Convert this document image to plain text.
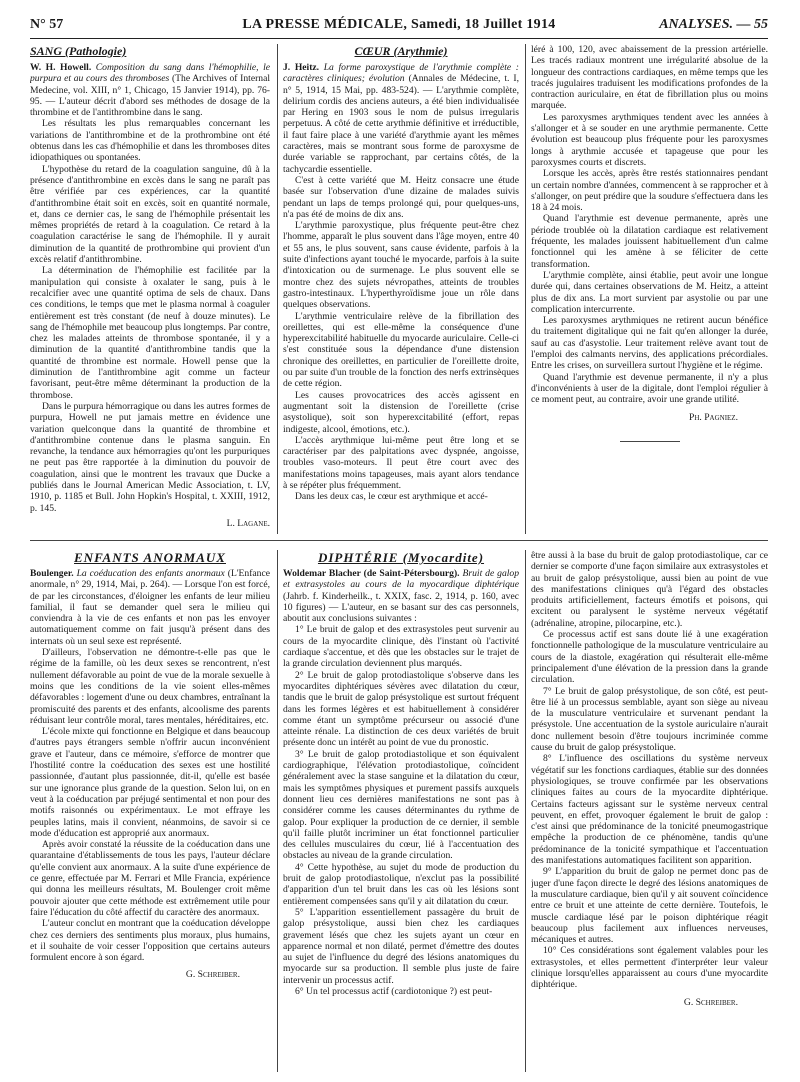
N° 57	LA PRESSE MÉDICALE, Samedi, 18 Juillet 1914	ANALYSES. — 55
SANG (Pathologie)

W. H. Howell. Composition du sang dans l'hémophilie, le purpura et au cours des thromboses (The Archives of Internal Medecine, vol. XIII, n° 1, Chicago, 15 Janvier 1914), pp. 76-95. — L'auteur décrit d'abord ses méthodes de dosage de la thrombine et de l'antithrombine dans le sang.

Les résultats les plus remarquables concernant les variations de l'antithrombine et de la prothrombine ont été obtenus dans les cas d'hémophilie et dans les thromboses dites idiopathiques ou spontanées.

L'hypothèse du retard de la coagulation sanguine, dû à la présence d'antithrombine en excès dans le sang ne paraît pas être vérifiée par ces expériences, car la quantité d'antithrombine était soit en excès, soit en quantité normale, et, dans ce dernier cas, le sang de l'hémophile présentait les mêmes propriétés de retard à la coagulation. Ce retard à la coagulation caractérise le sang de l'hémophile. Il y aurait diminution de la quantité de prothrombine qui provient d'un excès relatif d'antithrombine.

La détermination de l'hémophilie est facilitée par la manipulation qui consiste à oxalater le sang, puis à le recalcifier avec une quantité optima de sels de chaux. Dans ces conditions, le temps que met le plasma normal à coaguler entièrement est très constant (de neuf à douze minutes). Le sang de l'hémophile met beaucoup plus longtemps. Par contre, chez les malades atteints de thrombose spontanée, il y a diminution de la quantité d'antithrombine tandis que la quantité de thrombine est normale. Howell pense que la diminution de l'antithrombine agit comme un facteur favorisant, peut-être même déterminant la production de la thrombose.

Dans le purpura hémorragique ou dans les autres formes de purpura, Howell ne put jamais mettre en évidence une variation quelconque dans la quantité de thrombine et d'antithrombine contenue dans le plasma sanguin. En revanche, la tendance aux hémorragies qu'ont les purpuriques ne peut pas être rapportée à la diminution du pouvoir de coagulation, ainsi que le montrent les travaux que Ducke a publiés dans le Journal American Medic Association, t. LV, 1910, p. 1185 et Bull. John Hopkin's Hospital, t. XXIII, 1912, p. 145.

L. Lagane.
CŒUR (Arythmie)

J. Heitz. La forme paroxystique de l'arythmie complète : caractères cliniques; évolution (Annales de Médecine, t. I, n° 5, 1914, 15 Mai, pp. 483-524). — L'arythmie complète, delirium cordis des anciens auteurs, a été bien individualisée par Hering en 1903 sous le nom de pulsus irregularis perpetuus. A côté de cette arythmie définitive et irréductible, il faut faire place à une variété d'arythmie ayant les mêmes caractères, mais se montrant sous forme de paroxysme de durée variable se rapprochant, par certains côtés, de la tachycardie essentielle.

C'est à cette variété que M. Heitz consacre une étude basée sur l'observation d'une dizaine de malades suivis pendant un laps de temps prolongé qui, pour quelques-uns, n'a pas été de moins de dix ans.

L'arythmie paroxystique, plus fréquente peut-être chez l'homme, apparaît le plus souvent dans l'âge moyen, entre 40 et 55 ans, le plus souvent, sans cause évidente, parfois à la suite d'infections ayant touché le myocarde, parfois à la suite d'intoxication ou de surmenage. Le plus souvent elle se montre chez des sujets névropathes, atteints de troubles gastro-intestinaux. L'hyperthyroïdisme joue un rôle dans quelques observations.

L'arythmie ventriculaire relève de la fibrillation des oreillettes, qui est elle-même la conséquence d'une hyperexcitabilité habituelle du myocarde auriculaire. Celle-ci s'est constituée sous la dépendance d'une distension chronique des oreillettes, en particulier de l'oreillette droite, ou par suite d'un trouble de la fonction des nerfs extrinsèques de cette région.

Les causes provocatrices des accès agissent en augmentant soit la distension de l'oreillette (crise asystolique), soit son hyperexcitabilité (effort, repas indigeste, alcool, émotions, etc.).

L'accès arythmique lui-même peut être long et se caractériser par des palpitations avec dyspnée, angoisse, troubles vaso-moteurs. Il peut être court avec des manifestations moins tapageuses, mais ayant alors tendance à se répéter plus fréquemment.

Dans les deux cas, le cœur est arythmique et accé-

léré à 100, 120, avec abaissement de la pression artérielle. Les tracés radiaux montrent une irrégularité absolue de la longueur des contractions cardiaques, en même temps que les tracés jugulaires traduisent les modifications profondes de la contraction auriculaire, en état de fibrillation plus ou moins marquée.

Les paroxysmes arythmiques tendent avec les années à s'allonger et à se souder en une arythmie permanente. Cette évolution est beaucoup plus fréquente pour les paroxysmes longs à arythmie accusée et tapageuse que pour les paroxysmes courts et discrets.

Lorsque les accès, après être restés stationnaires pendant un certain nombre d'années, commencent à se rapprocher et à s'allonger, on peut prédire que la soudure s'effectuera dans les 18 à 24 mois.

Quand l'arythmie est devenue permanente, après une période troublée où la dilatation cardiaque est relativement fréquente, les malades jouissent habituellement d'un calme fonctionnel qui les amène à se féliciter de cette transformation.

L'arythmie complète, ainsi établie, peut avoir une longue durée qui, dans certaines observations de M. Heitz, a atteint plus de dix ans. La mort survient par asystolie ou par une complication intercurrente.

Les paroxysmes arythmiques ne retirent aucun bénéfice du traitement digitalique qui ne fait qu'en allonger la durée, sauf au cas d'asystolie. Leur traitement relève avant tout de l'emploi des calmants nervins, des applications précordiales. Entre les crises, on surveillera surtout l'hygiène et le régime.

Quand l'arythmie est devenue permanente, il n'y a plus d'inconvénients à user de la digitale, dont l'emploi régulier à ce moment peut, au contraire, avoir une grande utilité.

Ph. Pagniez.
ENFANTS ANORMAUX

Boulenger. La coéducation des enfants anormaux (L'Enfance anormale, n° 29, 1914, Mai, p. 264). — Lorsque l'on est forcé, de par les circonstances, d'éloigner les enfants de leur milieu familial, il faut se demander quel sera le milieu qui conviendra à la vie de ces enfants et non pas les envoyer automatiquement comme on fait jusqu'à présent dans des internats où un seul sexe est représenté.

D'ailleurs, l'observation ne démontre-t-elle pas que le régime de la famille, où les deux sexes se rencontrent, n'est nullement défavorable au point de vue de la morale sexuelle à moins que les conditions de la vie soient elles-mêmes défavorables : logement d'une ou deux chambres, entraînant la promiscuité des parents et des enfants, alcoolisme des parents réduisant leur contrôle moral, tares mentales, héréditaires, etc.

L'école mixte qui fonctionne en Belgique et dans beaucoup d'autres pays étrangers semble n'offrir aucun inconvénient grave et l'auteur, dans ce mémoire, s'efforce de montrer que l'hostilité contre la coéducation des sexes est une hostilité passionnée, d'autant plus passionnée, dit-il, qu'elle est basée sur une ignorance plus grande de la question. Selon lui, on en veut à la coéducation par préjugé sentimental et non pour des motifs raisonnés ou expérimentaux. Le mot effraye les peuples latins, mais il convient, néanmoins, de savoir si ce mode d'éducation est approprié aux anormaux.

Après avoir constaté la réussite de la coéducation dans une quarantaine d'établissements de tous les pays, l'auteur déclare qu'elle convient aux anormaux. A la suite d'une expérience de ce genre, effectuée par M. Ferrari et Mlle Francia, expérience qui donna les meilleurs résultats, M. Boulenger croit même pouvoir ajouter que cette méthode est extrêmement utile pour faire l'éducation du côté affectif du caractère des anormaux.

L'auteur conclut en montrant que la coéducation développe chez ces derniers des sentiments plus moraux, plus humains, et il souhaite de voir cesser l'opposition que certains auteurs formulent encore à son égard.

G. Schreiber.
DIPHTÉRIE (Myocardite)

Woldemar Blacher (de Saint-Pétersbourg). Bruit de galop et extrasystoles au cours de la myocardique diphtérique (Jahrb. f. Kinderheilk., t. XXIX, fasc. 2, 1914, p. 160, avec 10 figures) — L'auteur, en se basant sur des cas personnels, aboutit aux conclusions suivantes :

1° Le bruit de galop et des extrasystoles peut survenir au cours de la myocardite clinique, dès l'instant où l'activité cardiaque s'accentue, et dès que les obstacles sur le trajet de la grande circulation deviennent plus marqués.

2° Le bruit de galop protodiastolique s'observe dans les myocardites diphtériques sévères avec dilatation du cœur, tandis que le bruit de galop présystolique est surtout fréquent dans les formes légères et est habituellement à considérer comme étant un symptôme précurseur ou associé d'une atteinte rénale. La distinction de ces deux variétés de bruit présente donc un intérêt au point de vue du pronostic.

3° Le bruit de galop protodiastolique et son équivalent cardiographique, l'élévation protodiastolique, coïncident généralement avec la stase sanguine et la dilatation du cœur, mais les symptômes physiques et purement passifs auxquels donnent lieu ces dernières manifestations ne sont pas à considérer comme les causes déterminantes du rythme de galop. Pour expliquer la production de ce dernier, il semble qu'il faille plutôt incriminer un état fonctionnel particulier des cellules musculaires du cœur, lié à l'accentuation des obstacles au niveau de la grande circulation.

4° Cette hypothèse, au sujet du mode de production du bruit de galop protodiastolique, n'exclut pas la possibilité d'apparition d'un tel bruit dans les cas où les lésions sont entièrement compensées sans qu'il y ait dilatation du cœur.

5° L'apparition essentiellement passagère du bruit de galop présystolique, aussi bien chez les cardiaques gravement lésés que chez les sujets ayant un cœur en apparence normal et non dilaté, permet d'émettre des doutes au sujet de l'influence du degré des lésions anatomiques du myocarde sur sa production. Il semble plus juste de faire intervenir un processus actif.

6° Un tel processus actif (cardiotonique ?) est peut-

être aussi à la base du bruit de galop protodiastolique, car ce dernier se comporte d'une façon similaire aux extrasystoles et au bruit de galop présystolique, aussi bien au point de vue des manifestations cliniques qu'à l'égard des obstacles produits artificiellement, facteurs émotifs et poisons, qui excitent ou paralysent le système nerveux végétatif (adrénaline, atropine, pilocarpine, etc.).

Ce processus actif est sans doute lié à une exagération fonctionnelle pathologique de la musculature ventriculaire au cours de la diastole, exagération qui résulterait elle-même principalement d'une élévation de la pression dans la grande circulation.

7° Le bruit de galop présystolique, de son côté, est peut-être lié à un processus semblable, ayant son siège au niveau de la musculature ventriculaire et survenant pendant la présystole. Une accentuation de la systole auriculaire n'aurait donc nullement besoin d'être toujours incriminée comme cause du bruit de galop présystolique.

8° L'influence des oscillations du système nerveux végétatif sur les fonctions cardiaques, établie sur des données physiologiques, se trouve confirmée par les observations cliniques faites au cours de la myocardite diphtérique. Certains facteurs agissant sur le système nerveux central peuvent, en effet, provoquer également le bruit de galop : c'est ainsi que prédominance de la tonicité pneumogastrique empêche la production de ce phénomène, tandis qu'une prédominance de la tonicité sympathique et l'accentuation des manifestations automatiques facilitent son apparition.

9° L'apparition du bruit de galop ne permet donc pas de juger d'une façon directe le degré des lésions anatomiques de la musculature cardiaque, bien qu'il y ait souvent coïncidence entre ce bruit et une atteinte de cette dernière. Toutefois, le muscle cardiaque lésé par le poison diphtérique réagit beaucoup plus facilement aux influences nerveuses, mécaniques et autres.

10° Ces considérations sont également valables pour les extrasystoles, et elles permettent d'interpréter leur valeur clinique lorsqu'elles apparaissent au cours d'une myocardite diphtérique.

G. Schreiber.
